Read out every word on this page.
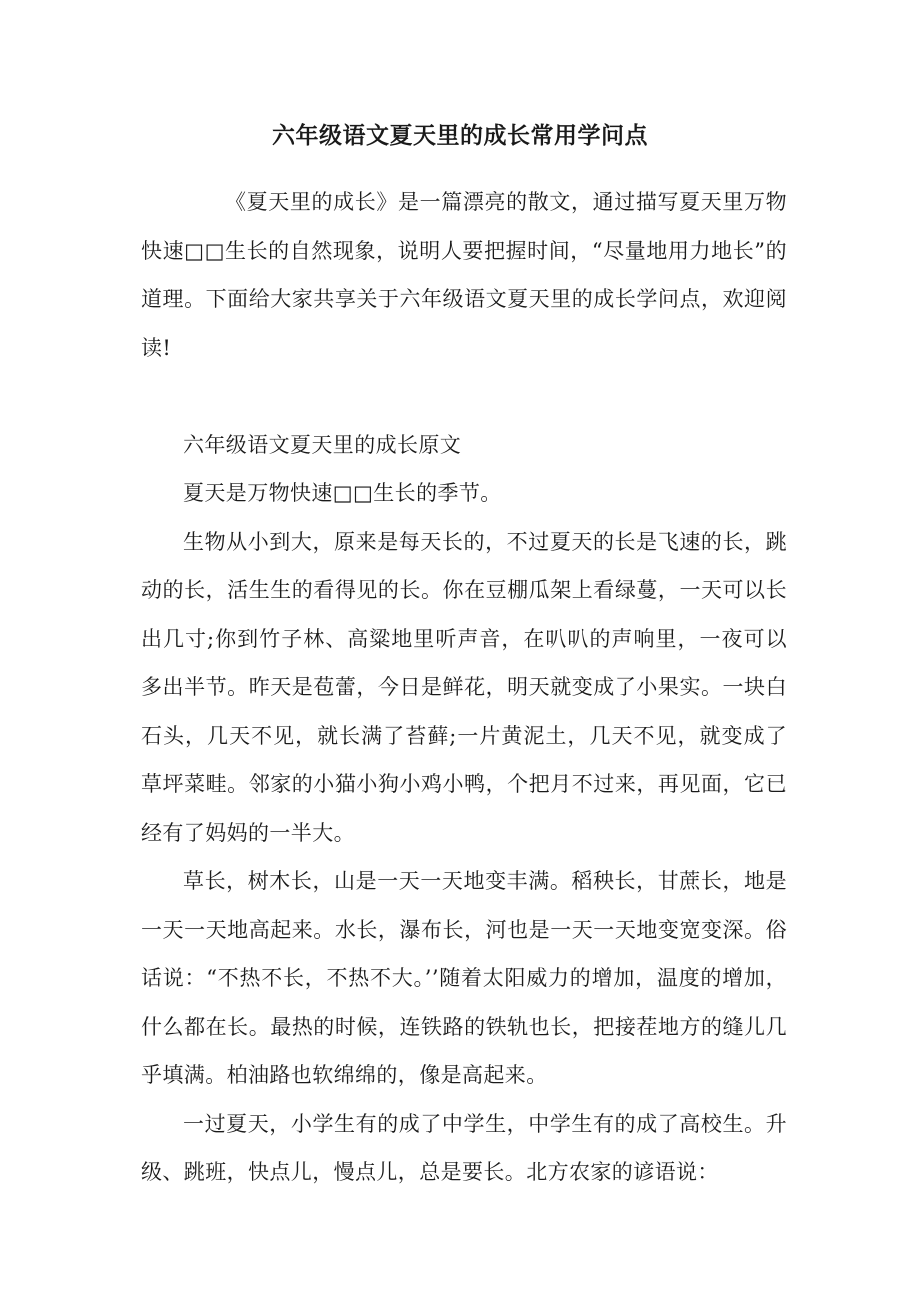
六年级语文夏天里的成长常用学问点

《夏天里的成长》是一篇漂亮的散文，通过描写夏天里万物快速□□生长的自然现象，说明人要把握时间，“尽量地用力地长”的道理。下面给大家共享关于六年级语文夏天里的成长学问点，欢迎阅读!

六年级语文夏天里的成长原文

夏天是万物快速□□生长的季节。

生物从小到大，原来是每天长的，不过夏天的长是飞速的长，跳动的长，活生生的看得见的长。你在豆棚瓜架上看绿蔓，一天可以长出几寸;你到竹子林、高粱地里听声音，在叭叭的声响里，一夜可以多出半节。昨天是苞蕾，今日是鲜花，明天就变成了小果实。一块白石头，几天不见，就长满了苔藓;一片黄泥土，几天不见，就变成了草坪菜畦。邻家的小猫小狗小鸡小鸭，个把月不过来，再见面，它已经有了妈妈的一半大。

草长，树木长，山是一天一天地变丰满。稻秧长，甘蔗长，地是一天一天地高起来。水长，瀑布长，河也是一天一天地变宽变深。俗话说：“不热不长，不热不大。’’随着太阳威力的增加，温度的增加，什么都在长。最热的时候，连铁路的铁轨也长，把接茬地方的缝儿几乎填满。柏油路也软绵绵的，像是高起来。

一过夏天，小学生有的成了中学生，中学生有的成了高校生。升级、跳班，快点儿，慢点儿，总是要长。北方农家的谚语说：
